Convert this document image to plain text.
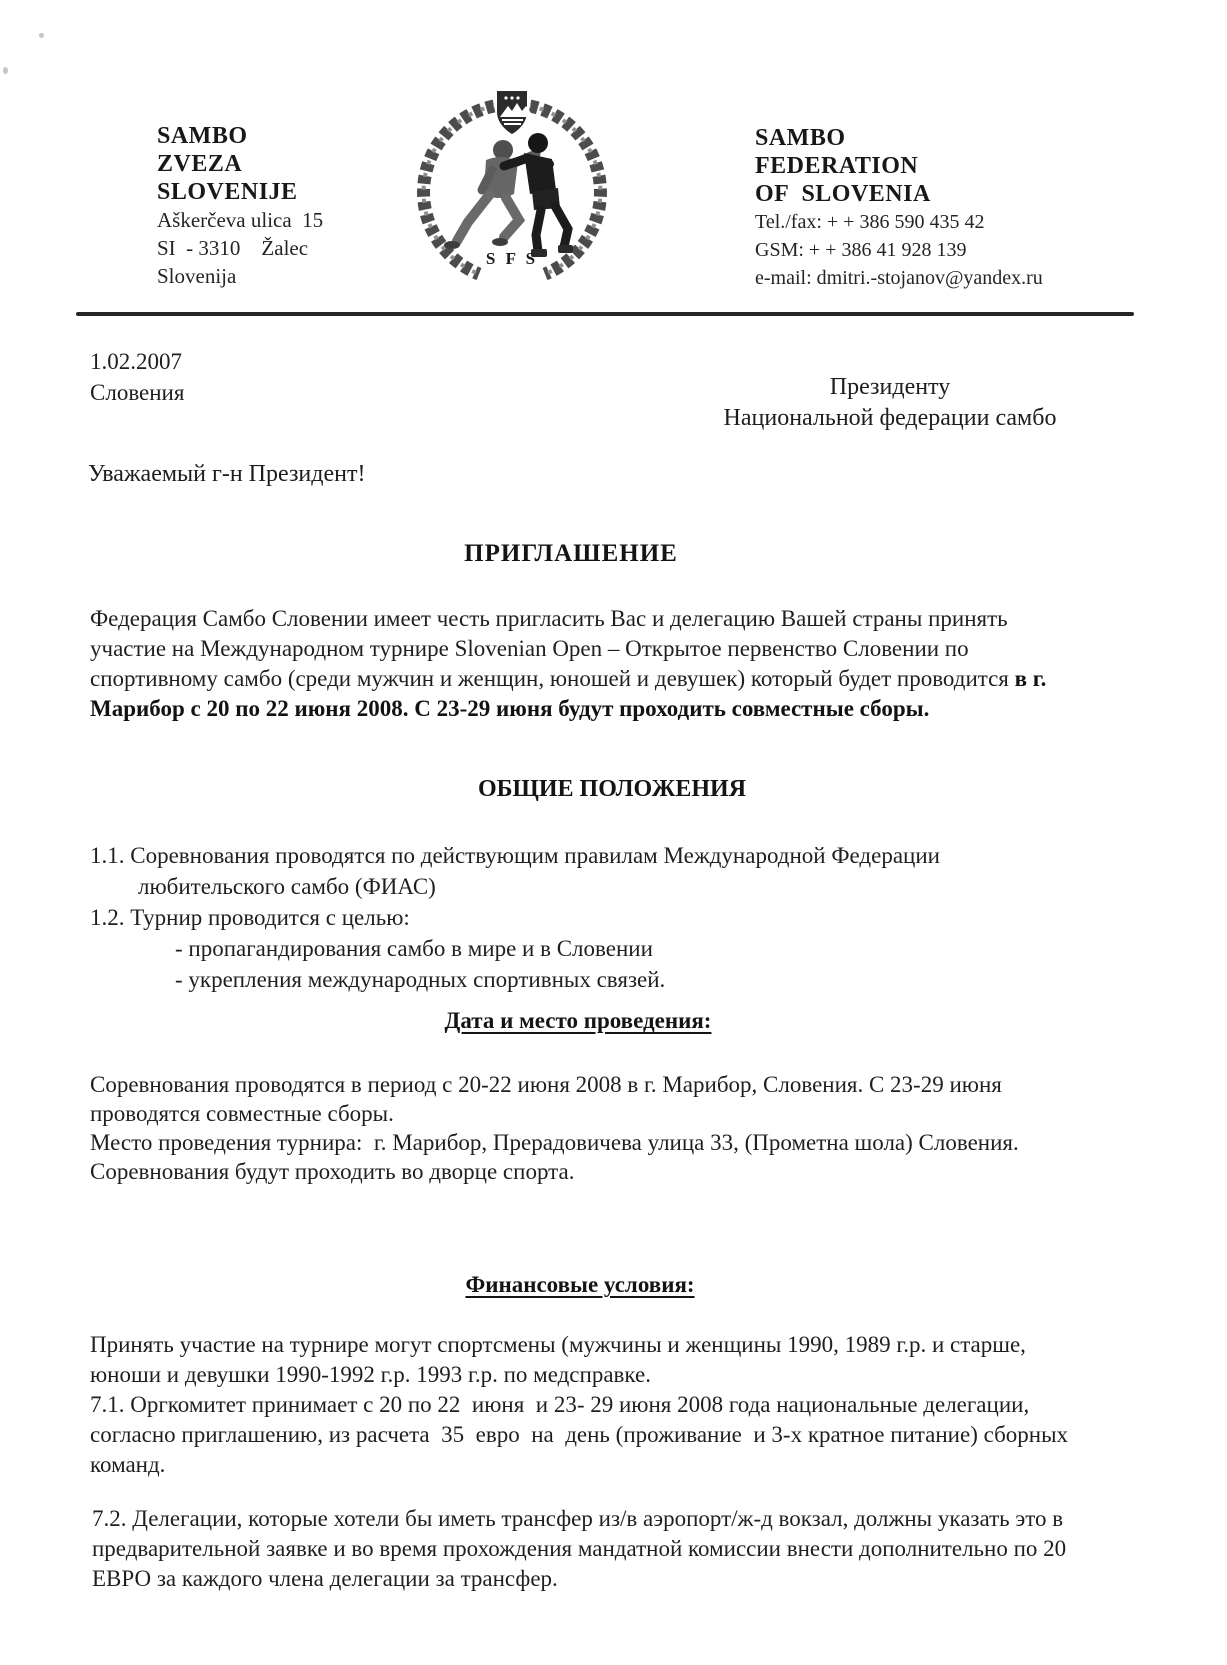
SAMBO
ZVEZA
SLOVENIJE
Aškerčeva ulica  15
SI  - 3310    Žalec
Slovenija
S F S
SAMBO
FEDERATION
OF  SLOVENIA
Tel./fax: + + 386 590 435 42
GSM: + + 386 41 928 139
e-mail: dmitri.-stojanov@yandex.ru
1.02.2007
Словения	Президенту
Национальной федерации самбо
Уважаемый г-н Президент!
ПРИГЛАШЕНИЕ
Федерация Самбо Словении имеет честь пригласить Вас и делегацию Вашей страны принять участие на Международном турнире Slovenian Open – Открытое первенство Словении по спортивному самбо (среди мужчин и женщин, юношей и девушек) который будет проводится в г. Марибор с 20 по 22 июня 2008. С 23-29 июня будут проходить совместные сборы.
ОБЩИЕ ПОЛОЖЕНИЯ
1.1. Соревнования проводятся по действующим правилам Международной Федерации любительского самбо (ФИАС)
1.2. Турнир проводится с целью:
- пропагандирования самбо в мире и в Словении
- укрепления международных спортивных связей.
Дата и место проведения:

Соревнования проводятся в период с 20-22 июня 2008 в г. Марибор, Словения. С 23-29 июня проводятся совместные сборы.

Место проведения турнира:  г. Марибор, Прерадовичева улица 33, (Прометна шола) Словения.

Соревнования будут проходить во дворце спорта.

Финансовые условия:

Принять участие на турнире могут спортсмены (мужчины и женщины 1990, 1989 г.р. и старше, юноши и девушки 1990-1992 г.р. 1993 г.р. по медсправке.

7.1. Оргкомитет принимает с 20 по 22  июня  и 23- 29 июня 2008 года национальные делегации, согласно приглашению, из расчета  35  евро  на  день (проживание  и 3-х кратное питание) сборных команд.

7.2. Делегации, которые хотели бы иметь трансфер из/в аэропорт/ж-д вокзал, должны указать это в предварительной заявке и во время прохождения мандатной комиссии внести дополнительно по 20 ЕВРО за каждого члена делегации за трансфер.
